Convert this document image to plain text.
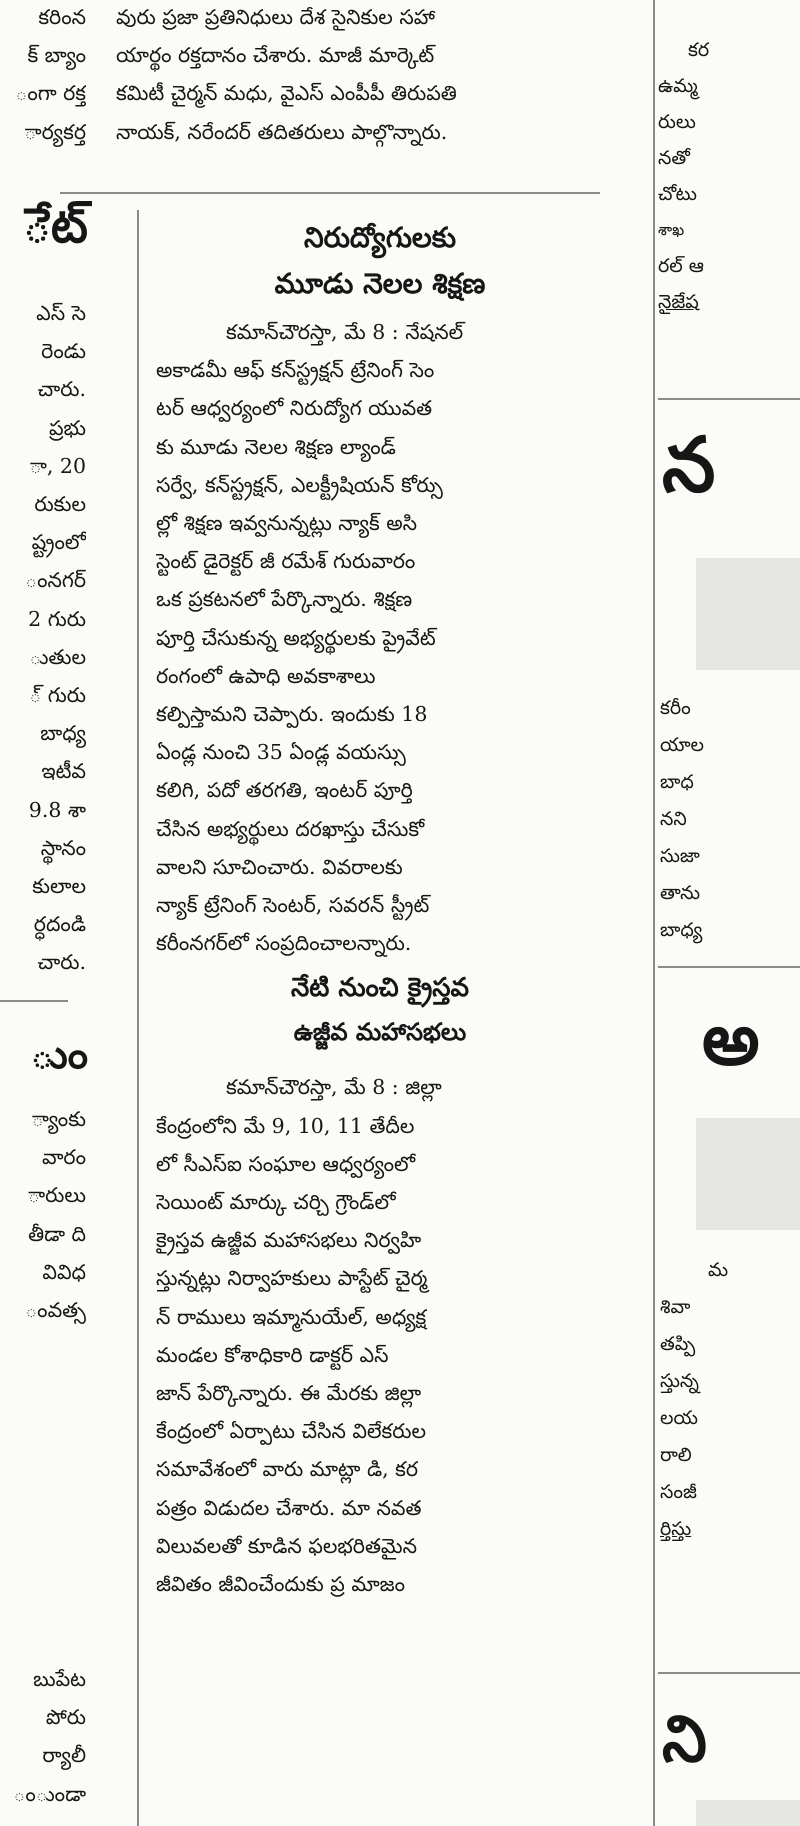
కరింన
క్ బ్యాం
ంగా రక్త
ార్యకర్త
ేట్
ఎస్ సె
రెండు
చారు.
ప్రభు
ా, 20
రుకుల
ష్ట్రంలో
ంనగర్
2 గురు
ుతుల
్ గురు
బాధ్య
ఇటీవ
9.8 శా
స్థానం
కులాల
ర్ధదండి
చారు.
ుం
్యాంకు
వారం
ారులు
తీడా ది
వివిధ
ంవత్స
బుపేట
పోరు
ర్యాలీ
ంుండా
వురు ప్రజా ప్రతినిధులు దేశ సైనికుల సహా
యార్థం రక్తదానం చేశారు. మాజీ మార్కెట్
కమిటీ చైర్మన్ మధు, వైఎస్ ఎంపీపీ తిరుపతి
నాయక్, నరేందర్ తదితరులు పాల్గొన్నారు.
నిరుద్యోగులకు
మూడు నెలల శిక్షణ
కమాన్‌చౌరస్తా, మే 8 : నేషనల్
అకాడమీ ఆఫ్ కన్‌స్ట్రక్షన్ ట్రేనింగ్ సెం
టర్ ఆధ్వర్యంలో నిరుద్యోగ యువత
కు మూడు నెలల శిక్షణ ల్యాండ్
సర్వే, కన్‌స్ట్రక్షన్, ఎలక్ట్రీషియన్ కోర్సు
ల్లో శిక్షణ ఇవ్వనున్నట్లు న్యాక్ అసి
స్టెంట్ డైరెక్టర్ జీ రమేశ్ గురువారం
ఒక ప్రకటనలో పేర్కొన్నారు. శిక్షణ
పూర్తి చేసుకున్న అభ్యర్థులకు ప్రైవేట్
రంగంలో ఉపాధి అవకాశాలు
కల్పిస్తామని చెప్పారు. ఇందుకు 18
ఏండ్ల నుంచి 35 ఏండ్ల వయస్సు
కలిగి, పదో తరగతి, ఇంటర్ పూర్తి
చేసిన అభ్యర్థులు దరఖాస్తు చేసుకో
వాలని సూచించారు. వివరాలకు
న్యాక్ ట్రేనింగ్ సెంటర్, సవరన్ స్ట్రీట్
కరీంనగర్‌లో సంప్రదించాలన్నారు.
నేటి నుంచి క్రైస్తవ
ఉజ్జీవ మహాసభలు
కమాన్‌చౌరస్తా, మే 8 : జిల్లా
కేంద్రంలోని మే 9, 10, 11 తేదీల
లో సీఎస్ఐ సంఘాల ఆధ్వర్యంలో
సెయింట్ మార్కు చర్చి గ్రౌండ్‌లో
క్రైస్తవ ఉజ్జీవ మహాసభలు నిర్వహి
స్తున్నట్లు నిర్వాహకులు పాస్టేట్ చైర్మ
న్ రాములు ఇమ్మానుయేల్, అధ్యక్ష
మండల కోశాధికారి డాక్టర్ ఎస్
జాన్ పేర్కొన్నారు. ఈ మేరకు జిల్లా
కేంద్రంలో ఏర్పాటు చేసిన విలేకరుల
సమావేశంలో వారు మాట్లా డి, కర
పత్రం విడుదల చేశారు. మా నవత
విలువలతో కూడిన ఫలభరితమైన
జీవితం జీవించేందుకు ప్ర మాజం
కర
ఉమ్మ
రులు
నతో
చోటు
శాఖ
రల్ ఆ
నైజేష
న
కరీం
యాల
బాధ
నని
సుజా
తాను
బాధ్య
అ
మ
శివా
తప్పి
స్తున్న
లయ
రాలి
సంజీ
ర్తిస్తు
ని
